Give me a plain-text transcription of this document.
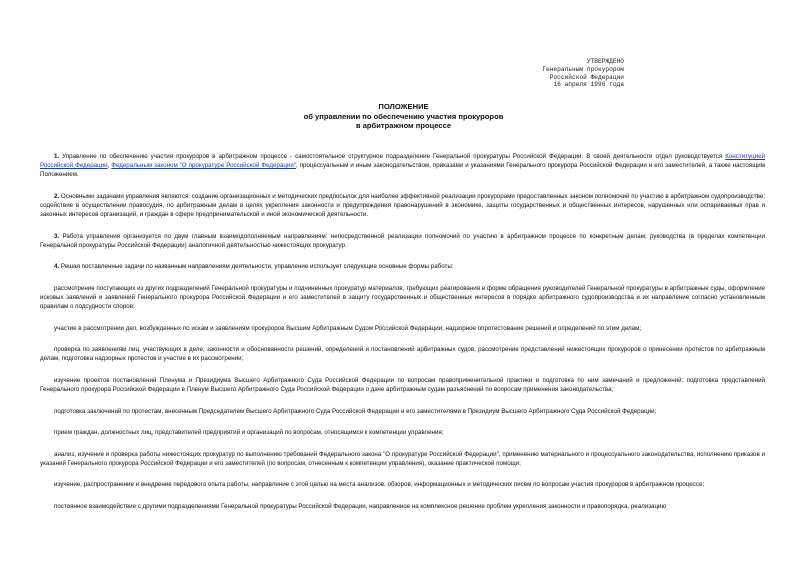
УТВЕРЖДЕНО
Генеральным прокурором
Российской Федерации
16 апреля 1996 года
ПОЛОЖЕНИЕ
об управлении по обеспечению участия прокуроров
в арбитражном процессе

1. Управление по обеспечению участия прокуроров в арбитражном процессе - самостоятельное структурное подразделение Генеральной прокуратуры Российской Федерации. В своей деятельности отдел руководствуется Конституцией Российской Федерации, Федеральным законом "О прокуратуре Российской Федерации", процессуальным и иным законодательством, приказами и указаниями Генерального прокурора Российской Федерации и его заместителей, а также настоящим Положением.

2. Основными задачами управления являются: создание организационных и методических предпосылок для наиболее эффективной реализации прокурорами предоставленных законом полномочий по участию в арбитражном судопроизводстве; содействие в осуществлении правосудия, по арбитражным делам в целях укрепления законности и предупреждения правонарушений в экономике, защиты государственных и общественных интересов, нарушенных или оспариваемых прав и законных интересов организаций, и граждан в сфере предпринимательской и иной экономической деятельности.

3. Работа управления организуется по двум главным взаимодополняемым направлениям: непосредственной реализации полномочий по участию в арбитражном процессе по конкретным делам; руководства (в пределах компетенции Генеральной прокуратуры Российской Федерации) аналогичной деятельностью нижестоящих прокуратур.

4. Решая поставленные задачи по названным направлениям деятельности, управление использует следующие основные формы работы:

рассмотрение поступающих из других подразделений Генеральной прокуратуры и подчиненных прокуратур материалов, требующих реагирования в форме обращения руководителей Генеральной прокуратуры в арбитражные суды, оформление исковых заявлений и заявлений Генерального прокурора Российской Федерации и его заместителей в защиту государственных и общественных интересов в порядке арбитражного судопроизводства и их направление согласно установленным правилам о подсудности споров;

участие в рассмотрении дел, возбужденных по искам и заявлениям прокуроров Высшим Арбитражным Судом Российской Федерации; надзорное опротестование решений и определений по этим делам;

проверка по заявлениям лиц, участвующих в деле, законности и обоснованности решений, определений и постановлений арбитражных судов, рассмотрение представлений нижестоящих прокуроров о принесении протестов по арбитражным делам, подготовка надзорных протестов и участие в их рассмотрении;

изучение проектов постановлений Пленума и Президиума Высшего Арбитражного Суда Российской Федерации по вопросам правоприменительной практики и подготовка по ним замечаний и предложений; подготовка представлений Генерального прокурора Российской Федерации в Пленум Высшего Арбитражного Суда Российской Федерации о даче арбитражным судам разъяснений по вопросам применения законодательства;

подготовка заключений по протестам, внесенным Председателем Высшего Арбитражного Суда Российской Федерации и его заместителями в Президиум Высшего Арбитражного Суда Российской Федерации;

прием граждан, должностных лиц, представителей предприятий и организаций по вопросам, относящимся к компетенции управления;

анализ, изучение и проверка работы нижестоящих прокуратур по выполнению требований Федерального закона "О прокуратуре Российской Федерации", применению материального и процессуального законодательства, исполнению приказов и указаний Генерального прокурора Российской Федерации и его заместителей (по вопросам, отнесенным к компетенции управления), оказание практической помощи;

изучение, распространение и внедрение передового опыта работы, направление с этой целью на места анализов, обзоров, информационных и методических писем по вопросам участия прокуроров в арбитражном процессе;

постоянное взаимодействие с другими подразделениями Генеральной прокуратуры Российской Федерации, направленное на комплексное решение проблем укрепления законности и правопорядка, реализацию
